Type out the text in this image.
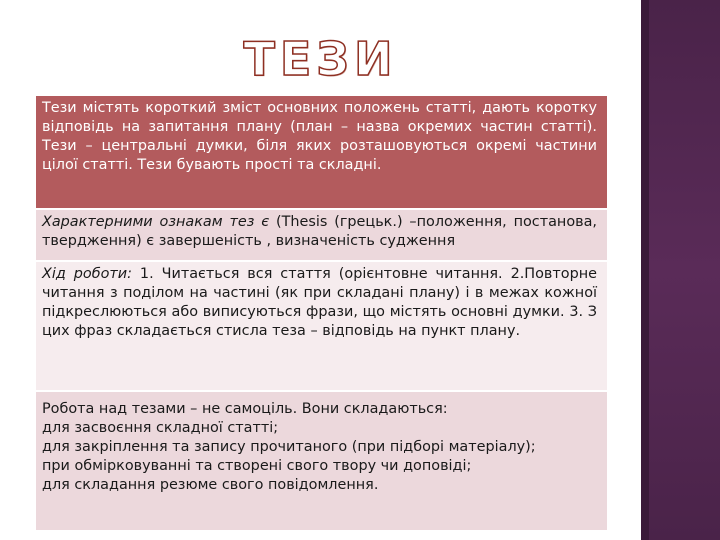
ТЕЗИ
Тези містять короткий зміст основних положень статті, дають коротку відповідь на запитання плану (план – назва окремих частин статті). Тези – центральні думки, біля яких розташовуються окремі частини цілої статті. Тези бувають прості та складні.
Характерними ознакам тез є (Thesis (грецьк.) –положення, постанова, твердження) є завершеність , визначеність судження
Хід роботи: 1. Читається вся стаття (орієнтовне читання. 2.Повторне читання з поділом на частині (як при складані плану) і в межах кожної підкреслюються або виписуються фрази, що містять основні думки. 3. З цих фраз складається стисла теза – відповідь на пункт плану.
Робота над тезами – не самоціль. Вони складаються:
для засвоєння складної статті;
для закріплення та запису прочитаного (при підборі матеріалу);
при обмірковуванні та створені свого твору чи доповіді;
для складання резюме свого повідомлення.
